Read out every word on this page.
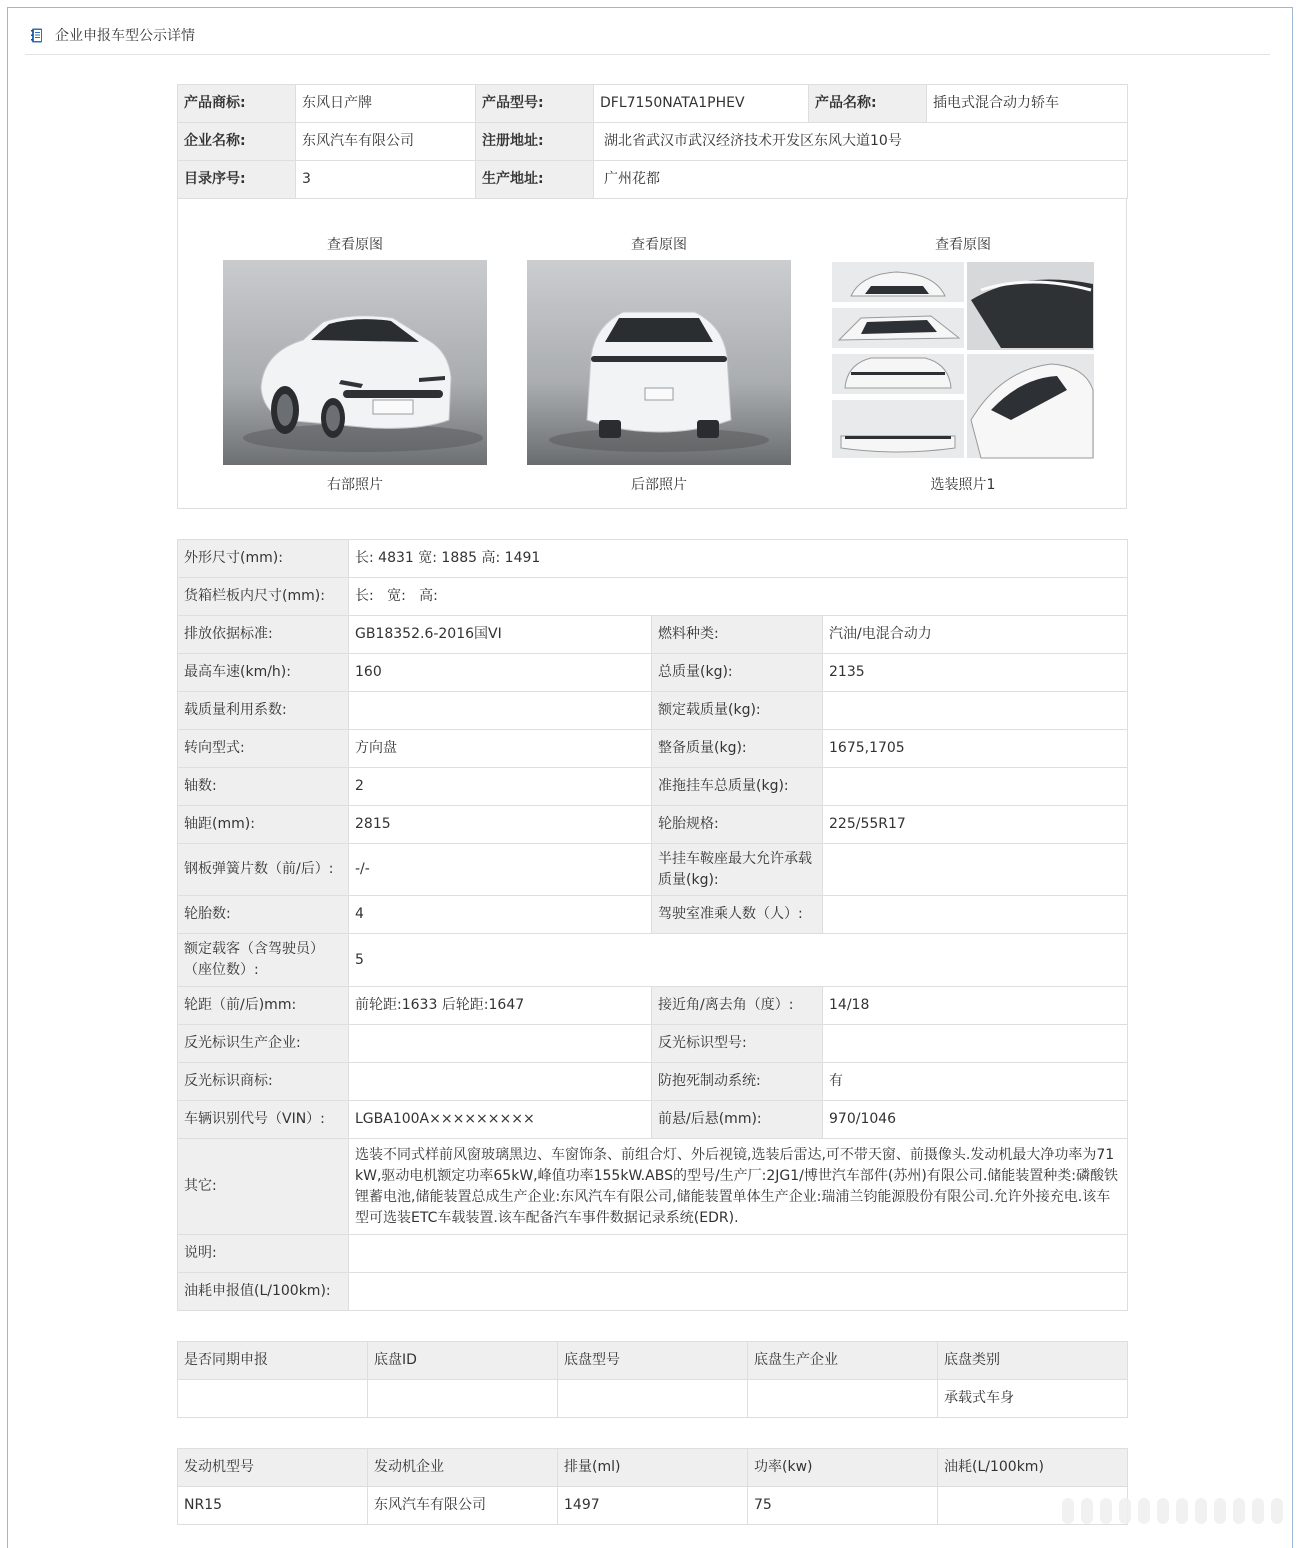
企业申报车型公示详情
产品商标:	东风日产牌	产品型号:	DFL7150NATA1PHEV	产品名称:	插电式混合动力轿车
企业名称:	东风汽车有限公司	注册地址:	湖北省武汉市武汉经济技术开发区东风大道10号		
目录序号:	3	生产地址:	广州花都		
查看原图
右部照片
查看原图
后部照片
查看原图
选装照片1
外形尺寸(mm):	长: 4831 宽: 1885 高: 1491		
货箱栏板内尺寸(mm):	长:   宽:   高:		
排放依据标准:	GB18352.6-2016国VI	燃料种类:	汽油/电混合动力
最高车速(km/h):	160	总质量(kg):	2135
载质量利用系数:		额定载质量(kg):	
转向型式:	方向盘	整备质量(kg):	1675,1705
轴数:	2	准拖挂车总质量(kg):	
轴距(mm):	2815	轮胎规格:	225/55R17
钢板弹簧片数（前/后）:	-/-	半挂车鞍座最大允许承载质量(kg):	
轮胎数:	4	驾驶室准乘人数（人）:	
额定载客（含驾驶员）（座位数）:	5		
轮距（前/后)mm:	前轮距:1633 后轮距:1647	接近角/离去角（度）:	14/18
反光标识生产企业:		反光标识型号:	
反光标识商标:		防抱死制动系统:	有
车辆识别代号（VIN）:	LGBA100A×××××××××	前悬/后悬(mm):	970/1046
其它:	选装不同式样前风窗玻璃黑边、车窗饰条、前组合灯、外后视镜,选装后雷达,可不带天窗、前摄像头.发动机最大净功率为71kW,驱动电机额定功率65kW,峰值功率155kW.ABS的型号/生产厂:2JG1/博世汽车部件(苏州)有限公司.储能装置种类:磷酸铁锂蓄电池,储能装置总成生产企业:东风汽车有限公司,储能装置单体生产企业:瑞浦兰钧能源股份有限公司.允许外接充电.该车型可选装ETC车载装置.该车配备汽车事件数据记录系统(EDR).		
说明:			
油耗申报值(L/100km):			
是否同期申报	底盘ID	底盘型号	底盘生产企业	底盘类别
				承载式车身
发动机型号	发动机企业	排量(ml)	功率(kw)	油耗(L/100km)
NR15	东风汽车有限公司	1497	75	
